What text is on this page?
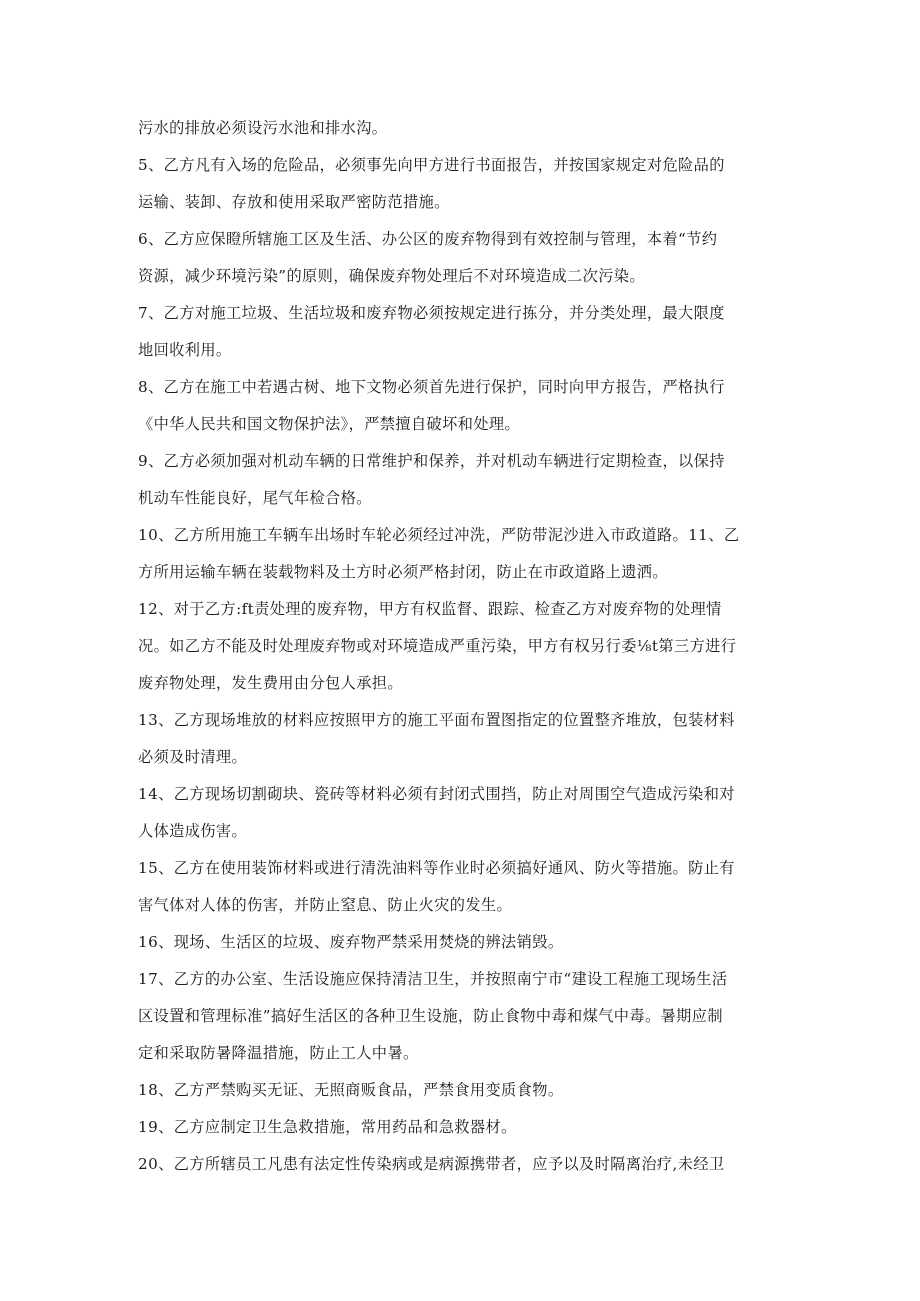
污水的排放必须设污水池和排水沟。
5、乙方凡有入场的危险品，必须事先向甲方进行书面报告，并按国家规定对危险品的
运输、装卸、存放和使用采取严密防范措施。
6、乙方应保瞪所辖施工区及生活、办公区的废弃物得到有效控制与管理，本着“节约
资源，减少环境污染”的原则，确保废弃物处理后不对环境造成二次污染。
7、乙方对施工垃圾、生活垃圾和废弃物必须按规定进行拣分，并分类处理，最大限度
地回收利用。
8、乙方在施工中若遇古树、地下文物必须首先进行保护，同时向甲方报告，严格执行
《中华人民共和国文物保护法》，严禁擅自破坏和处理。
9、乙方必须加强对机动车辆的日常维护和保养，并对机动车辆进行定期检查，以保持
机动车性能良好，尾气年检合格。
10、乙方所用施工车辆车出场时车轮必须经过冲洗，严防带泥沙进入市政道路。11、乙
方所用运输车辆在装载物料及土方时必须严格封闭，防止在市政道路上遗洒。
12、对于乙方:ft责处理的废弃物，甲方有权监督、跟踪、检查乙方对废弃物的处理情
况。如乙方不能及时处理废弃物或对环境造成严重污染，甲方有权另行委⅛t第三方进行
废弃物处理，发生费用由分包人承担。
13、乙方现场堆放的材料应按照甲方的施工平面布置图指定的位置整齐堆放，包装材料
必须及时清理。
14、乙方现场切割砌块、瓷砖等材料必须有封闭式围挡，防止对周围空气造成污染和对
人体造成伤害。
15、乙方在使用装饰材料或进行清洗油料等作业时必须搞好通风、防火等措施。防止有
害气体对人体的伤害，并防止窒息、防止火灾的发生。
16、现场、生活区的垃圾、废弃物严禁采用焚烧的辨法销毁。
17、乙方的办公室、生活设施应保持清洁卫生，并按照南宁市“建设工程施工现场生活
区设置和管理标准”搞好生活区的各种卫生设施，防止食物中毒和煤气中毒。暑期应制
定和采取防暑降温措施，防止工人中暑。
18、乙方严禁购买无证、无照商贩食品，严禁食用变质食物。
19、乙方应制定卫生急救措施，常用药品和急救器材。
20、乙方所辖员工凡患有法定性传染病或是病源携带者，应予以及时隔离治疗,未经卫
